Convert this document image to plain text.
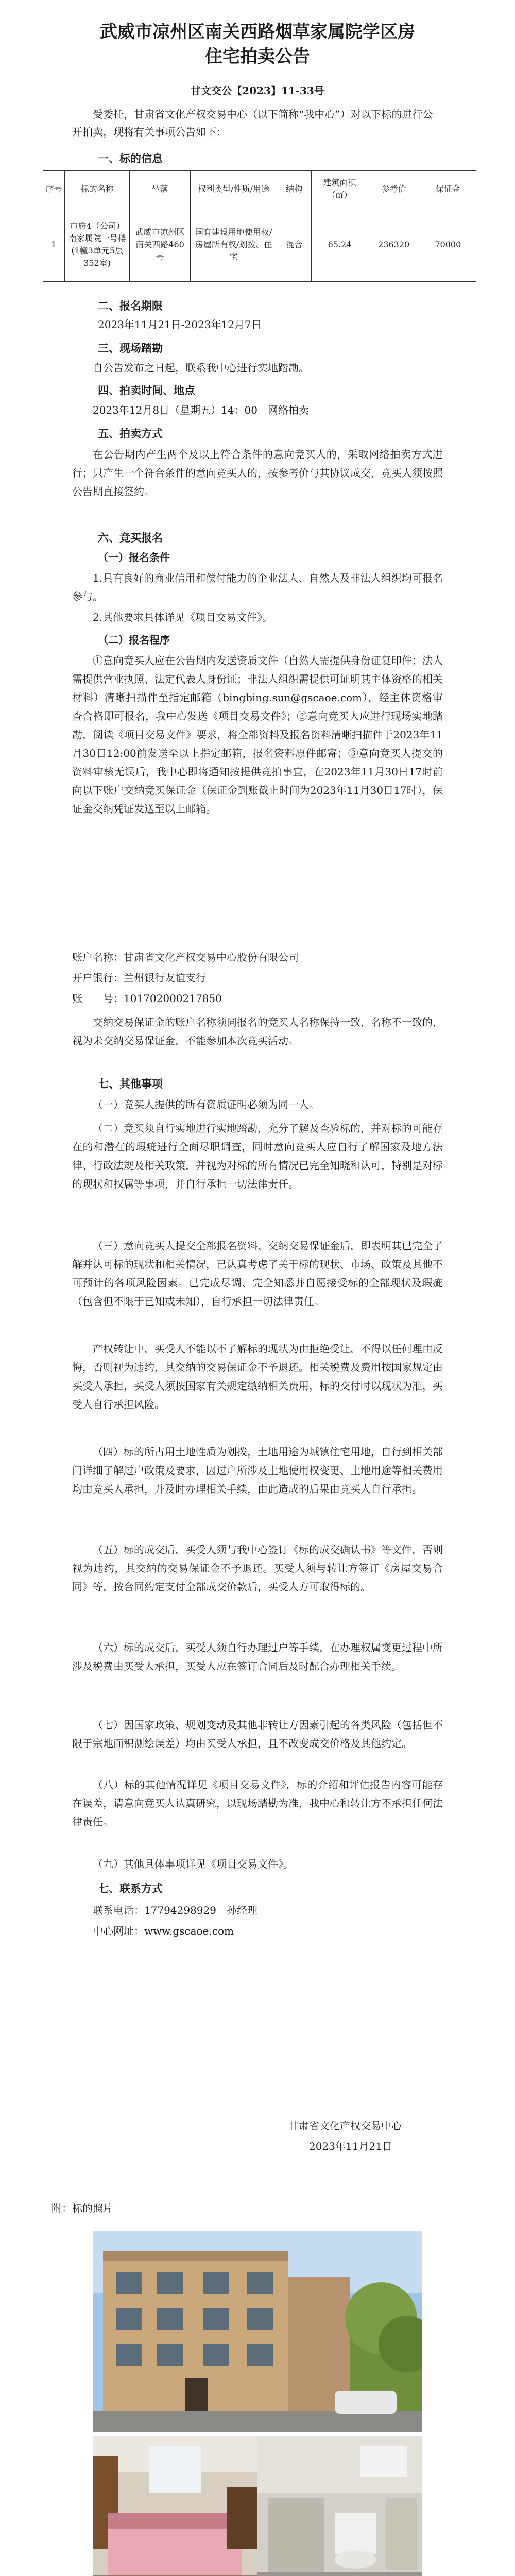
武威市凉州区南关西路烟草家属院学区房
住宅拍卖公告
甘文交公【2023】11-33号

受委托，甘肃省文化产权交易中心（以下简称“我中心”）对以下标的进行公开拍卖，现将有关事项公告如下：

一、标的信息

序号	标的名称	坐落	权利类型/性质/用途	结构	建筑面积（㎡）	参考价	保证金
1	市府4（公司）南家属院一号楼(1幢3单元5层352室)	武威市凉州区南关西路460号	国有建设用地使用权/房屋所有权/划拨、住宅	混合	65.24	236320	70000

二、报名期限

2023年11月21日-2023年12月7日

三、现场踏勘

自公告发布之日起，联系我中心进行实地踏勘。

四、拍卖时间、地点

2023年12月8日（星期五）14：00　网络拍卖

五、拍卖方式

在公告期内产生两个及以上符合条件的意向竞买人的，采取网络拍卖方式进行；只产生一个符合条件的意向竞买人的，按参考价与其协议成交，竞买人须按照公告期直接签约。

六、竞买报名

（一）报名条件

1.具有良好的商业信用和偿付能力的企业法人、自然人及非法人组织均可报名参与。

2.其他要求具体详见《项目交易文件》。

（二）报名程序

①意向竞买人应在公告期内发送资质文件（自然人需提供身份证复印件；法人需提供营业执照、法定代表人身份证；非法人组织需提供可证明其主体资格的相关材料）清晰扫描件至指定邮箱（bingbing.sun@gscaoe.com），经主体资格审查合格即可报名，我中心发送《项目交易文件》；②意向竞买人应进行现场实地踏勘，阅读《项目交易文件》要求，将全部资料及报名资料清晰扫描件于2023年11月30日12:00前发送至以上指定邮箱，报名资料原件邮寄；③意向竞买人提交的资料审核无误后，我中心即将通知按提供竞拍事宜，在2023年11月30日17时前向以下账户交纳竞买保证金（保证金到账截止时间为2023年11月30日17时），保证金交纳凭证发送至以上邮箱。

账户名称：甘肃省文化产权交易中心股份有限公司

开户银行：兰州银行友谊支行

账　　号：101702000217850

交纳交易保证金的账户名称须同报名的竞买人名称保持一致，名称不一致的，视为未交纳交易保证金，不能参加本次竞买活动。

七、其他事项

（一）竞买人提供的所有资质证明必须为同一人。

（二）竞买须自行实地进行实地踏勘，充分了解及查验标的，并对标的可能存在的和潜在的瑕疵进行全面尽职调查，同时意向竞买人应自行了解国家及地方法律、行政法规及相关政策，并视为对标的所有情况已完全知晓和认可，特别是对标的现状和权属等事项，并自行承担一切法律责任。

（三）意向竞买人提交全部报名资料、交纳交易保证金后，即表明其已完全了解并认可标的现状和相关情况，已认真考虑了关于标的现状、市场、政策及其他不可预计的各项风险因素。已完成尽调、完全知悉并自愿接受标的全部现状及瑕疵（包含但不限于已知或未知），自行承担一切法律责任。

产权转让中，买受人不能以不了解标的现状为由拒绝受让，不得以任何理由反悔，否则视为违约，其交纳的交易保证金不予退还。相关税费及费用按国家规定由买受人承担，买受人须按国家有关规定缴纳相关费用，标的交付时以现状为准，买受人自行承担风险。

（四）标的所占用土地性质为划拨，土地用途为城镇住宅用地，自行到相关部门详细了解过户政策及要求，因过户所涉及土地使用权变更、土地用途等相关费用均由竞买人承担，并及时办理相关手续，由此造成的后果由竞买人自行承担。

（五）标的成交后，买受人须与我中心签订《标的成交确认书》等文件，否则视为违约，其交纳的交易保证金不予退还。买受人须与转让方签订《房屋交易合同》等，按合同约定支付全部成交价款后，买受人方可取得标的。

（六）标的成交后，买受人须自行办理过户等手续，在办理权属变更过程中所涉及税费由买受人承担，买受人应在签订合同后及时配合办理相关手续。

（七）因国家政策、规划变动及其他非转让方因素引起的各类风险（包括但不限于宗地面积测绘误差）均由买受人承担，且不改变成交价格及其他约定。

（八）标的其他情况详见《项目交易文件》，标的介绍和评估报告内容可能存在误差，请意向竞买人认真研究，以现场踏勘为准，我中心和转让方不承担任何法律责任。

（九）其他具体事项详见《项目交易文件》。

七、联系方式

联系电话：17794298929　孙经理

中心网址：www.gscaoe.com

甘肃省文化产权交易中心

2023年11月21日

附：标的照片
